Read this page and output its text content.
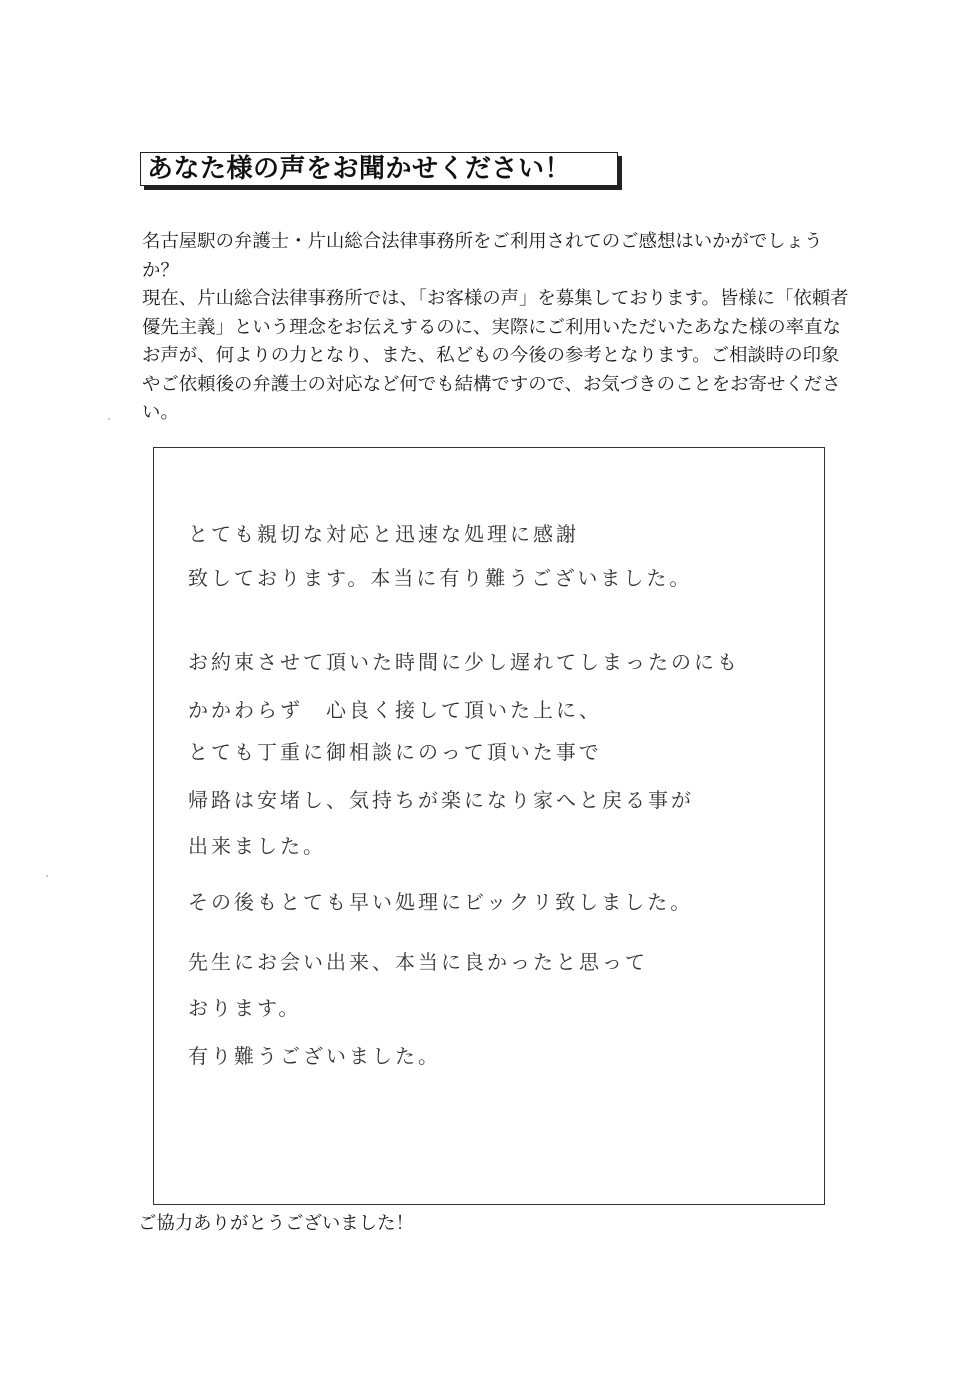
あなた様の声をお聞かせください！

名古屋駅の弁護士・片山総合法律事務所をご利用されてのご感想はいかがでしょうか？

現在、片山総合法律事務所では、「お客様の声」を募集しております。皆様に「依頼者優先主義」という理念をお伝えするのに、実際にご利用いただいたあなた様の率直なお声が、何よりの力となり、また、私どもの今後の参考となります。ご相談時の印象やご依頼後の弁護士の対応など何でも結構ですので、お気づきのことをお寄せください。

とても親切な対応と迅速な処理に感謝
致しております。本当に有り難うございました。
お約束させて頂いた時間に少し遅れてしまったのにも
かかわらず　心良く接して頂いた上に、
とても丁重に御相談にのって頂いた事で
帰路は安堵し、気持ちが楽になり家へと戻る事が
出来ました。
その後もとても早い処理にビックリ致しました。
先生にお会い出来、本当に良かったと思って
おります。
有り難うございました。
ご協力ありがとうございました！
